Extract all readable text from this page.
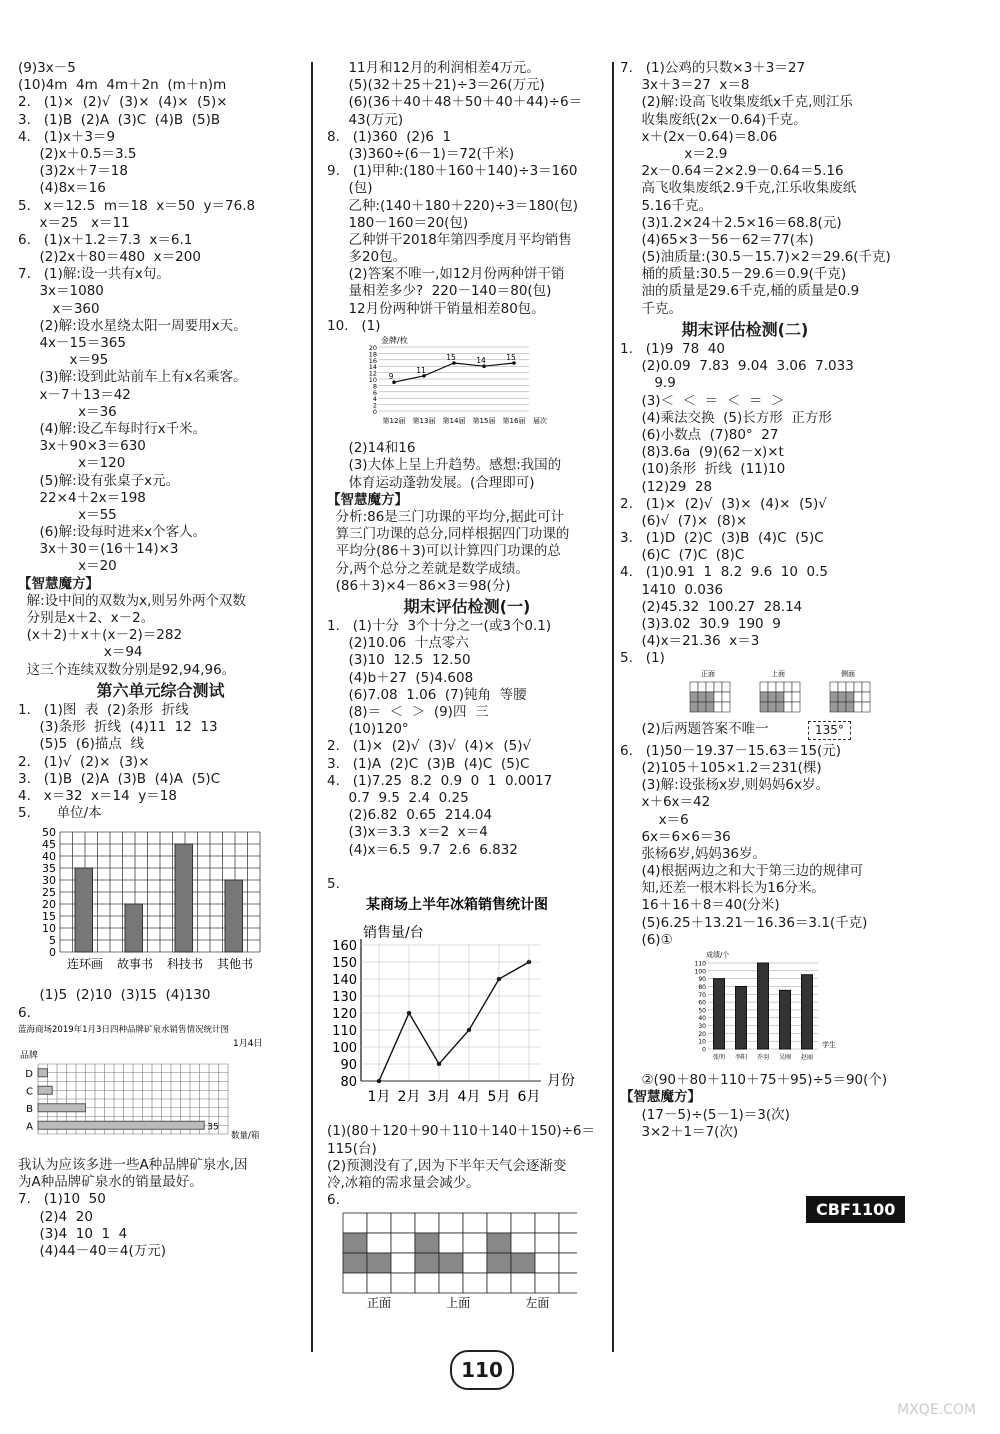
(9)3x－5
(10)4m  4m  4m＋2n  (m＋n)m
2.   (1)×  (2)√  (3)×  (4)×  (5)×
3.   (1)B  (2)A  (3)C  (4)B  (5)B
4.   (1)x＋3＝9
(2)x＋0.5＝3.5
(3)2x＋7＝18
(4)8x＝16
5.   x＝12.5  m＝18  x＝50  y＝76.8
x＝25   x＝11
6.   (1)x＋1.2＝7.3  x＝6.1
(2)2x＋80＝480  x＝200
7.   (1)解:设一共有x句。
3x＝1080
x＝360
(2)解:设水星绕太阳一周要用x天。
4x－15＝365
x＝95
(3)解:设到此站前车上有x名乘客。
x－7＋13＝42
x＝36
(4)解:设乙车每时行x千米。
3x＋90×3＝630
x＝120
(5)解:设有张桌子x元。
22×4＋2x＝198
x＝55
(6)解:设每时进来x个客人。
3x＋30＝(16＋14)×3
x＝20
【智慧魔方】
解:设中间的双数为x,则另外两个双数
分别是x＋2、x－2。
(x＋2)＋x＋(x－2)＝282
x＝94
这三个连续双数分别是92,94,96。
第六单元综合测试
1.   (1)图  表  (2)条形  折线
(3)条形  折线  (4)11  12  13
(5)5  (6)描点  线
2.   (1)√  (2)×  (3)×
3.   (1)B  (2)A  (3)B  (4)A  (5)C
4.   x＝32  x＝14  y＝18
5.      单位/本
0
5
10
15
20
25
30
35
40
45
50
连环画 故事书 科技书 其他书
(1)5  (2)10  (3)15  (4)130
6.
蓝海商场2019年1月3日四种品牌矿泉水销售情况统计图
1月4日
品牌
A
B
C
D
35
数量/箱
我认为应该多进一些A种品牌矿泉水,因
为A种品牌矿泉水的销量最好。
7.   (1)10  50
(2)4  20
(3)4  10  1  4
(4)44－40＝4(万元)
11月和12月的利润相差4万元。
(5)(32＋25＋21)÷3＝26(万元)
(6)(36＋40＋48＋50＋40＋44)÷6＝
43(万元)
8.   (1)360  (2)6  1
(3)360÷(6－1)＝72(千米)
9.   (1)甲种:(180＋160＋140)÷3＝160
(包)
乙种:(140＋180＋220)÷3＝180(包)
180－160＝20(包)
乙种饼干2018年第四季度月平均销售
多20包。
(2)答案不唯一,如12月份两种饼干销
量相差多少?  220－140＝80(包)
12月份两种饼干销量相差80包。
10.   (1)
金牌/枚
0
2
4
6
8
10
12
14
16
18
20
9
第12届
11
第13届
15
第14届
14
第15届
15
第16届 届次
(2)14和16
(3)大体上呈上升趋势。感想:我国的
体育运动蓬勃发展。(合理即可)
【智慧魔方】
分析:86是三门功课的平均分,据此可计
算三门功课的总分,同样根据四门功课的
平均分(86＋3)可以计算四门功课的总
分,两个总分之差就是数学成绩。
(86＋3)×4－86×3＝98(分)
期末评估检测(一)
1.   (1)十分  3个十分之一(或3个0.1)
(2)10.06  十点零六
(3)10  12.5  12.50
(4)b＋27  (5)4.608
(6)7.08  1.06  (7)钝角  等腰
(8)＝  ＜  ＞  (9)四  三
(10)120°
2.   (1)×  (2)√  (3)√  (4)×  (5)√
3.   (1)A  (2)C  (3)B  (4)C  (5)C
4.   (1)7.25  8.2  0.9  0  1  0.0017
0.7  9.5  2.4  0.25
(2)6.82  0.65  214.04
(3)x＝3.3  x＝2  x＝4
(4)x＝6.5  9.7  2.6  6.832
5.
某商场上半年冰箱销售统计图
销售量/台
80
90
100
110
120
130
140
150
160
1月 2月 3月 4月 5月 6月
月份
(1)(80＋120＋90＋110＋140＋150)÷6＝
115(台)
(2)预测没有了,因为下半年天气会逐渐变
冷,冰箱的需求量会减少。
6.
正面	上面	左面
7.   (1)公鸡的只数×3＋3＝27
3x＋3＝27  x＝8
(2)解:设高飞收集废纸x千克,则江乐
收集废纸(2x－0.64)千克。
x＋(2x－0.64)＝8.06
x＝2.9
2x－0.64＝2×2.9－0.64＝5.16
高飞收集废纸2.9千克,江乐收集废纸
5.16千克。
(3)1.2×24＋2.5×16＝68.8(元)
(4)65×3－56－62＝77(本)
(5)油质量:(30.5－15.7)×2＝29.6(千克)
桶的质量:30.5－29.6＝0.9(千克)
油的质量是29.6千克,桶的质量是0.9
千克。
期末评估检测(二)
1.   (1)9  78  40
(2)0.09  7.83  9.04  3.06  7.033
9.9
(3)＜  ＜  ＝  ＜  ＝  ＞
(4)乘法交换  (5)长方形  正方形
(6)小数点  (7)80°  27
(8)3.6a  (9)(62－x)×t
(10)条形  折线  (11)10
(12)29  28
2.   (1)×  (2)√  (3)×  (4)×  (5)√
(6)√  (7)×  (8)×
3.   (1)D  (2)C  (3)B  (4)C  (5)C
(6)C  (7)C  (8)C
4.   (1)0.91  1  8.2  9.6  10  0.5
1410  0.036
(2)45.32  100.27  28.14
(3)3.02  30.9  190  9
(4)x＝21.36  x＝3
5.   (1)
正面	上面	侧面
(2)后两题答案不唯一	135°
6.   (1)50－19.37－15.63＝15(元)
(2)105＋105×1.2＝231(棵)
(3)解:设张杨x岁,则妈妈6x岁。
x＋6x＝42
x＝6
6x＝6×6＝36
张杨6岁,妈妈36岁。
(4)根据两边之和大于第三边的规律可
知,还差一根木料长为16分米。
16＋16＋8＝40(分米)
(5)6.25＋13.21－16.36＝3.1(千克)
(6)①
成绩/个
0
10
20
30
40
50
60
70
80
90
100
110
张明 李阳 乔羽 吴刚 赵丽
学生
②(90＋80＋110＋75＋95)÷5＝90(个)
【智慧魔方】
(17－5)÷(5－1)＝3(次)
3×2＋1＝7(次)
CBF1100
110
MXQE.COM
